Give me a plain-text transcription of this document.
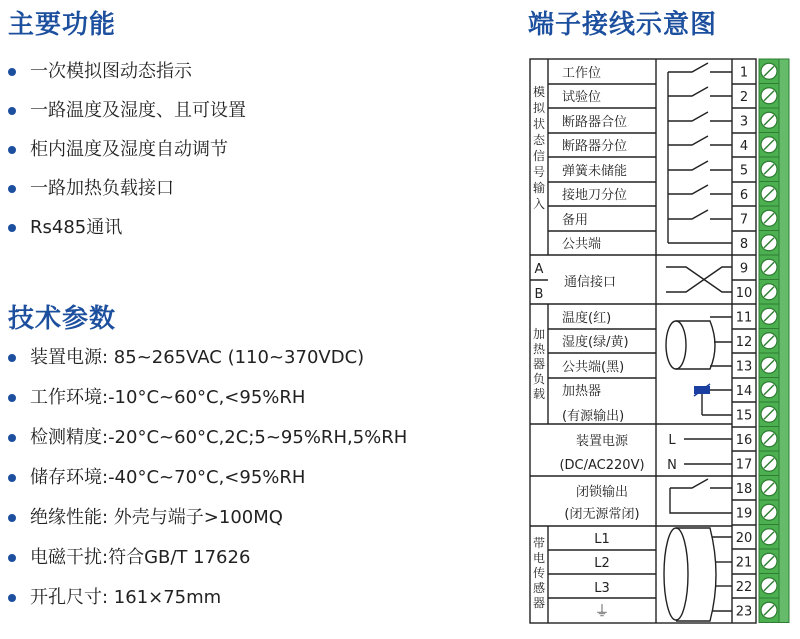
主要功能
一次模拟图动态指示
一路温度及湿度、且可设置
柜内温度及湿度自动调节
一路加热负载接口
Rs485通讯
技术参数
装置电源: 85~265VAC (110~370VDC)
工作环境:-10°C~60°C,<95%RH
检测精度:-20°C~60°C,2C;5~95%RH,5%RH
储存环境:-40°C~70°C,<95%RH
绝缘性能: 外壳与端子>100MQ
电磁干扰:符合GB/T 17626
开孔尺寸: 161×75mm
端子接线示意图
1
2
3
4
5
6
7
8
9
10
11
12
13
14
15
16
17
18
19
20
21
22
23
工作位
试验位
断路器合位
断路器分位
弹簧未储能
接地刀分位
备用
公共端
A
B
通信接口
温度(红)
湿度(绿/黄)
公共端(黑)
加热器
(有源输出)
装置电源
(DC/AC220V)
L
N
闭锁输出
(闭无源常闭)
L1
L2
L3
⏚
模
拟
状
态
信
号
输
入
加
热
器
负
载
带
电
传
感
器
